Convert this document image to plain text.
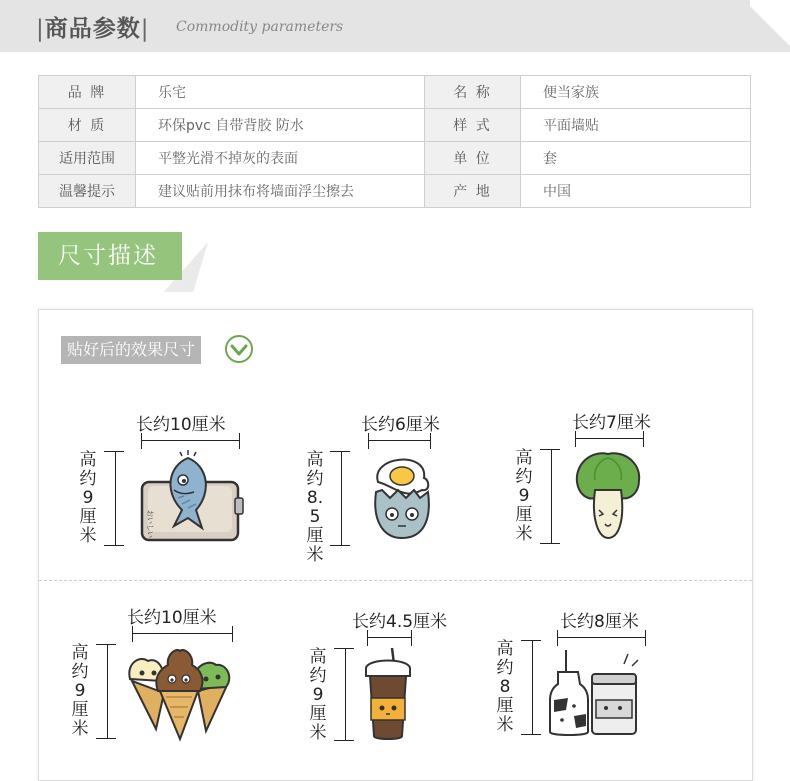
|商品参数| Commodity parameters
品 牌	乐宅	名 称	便当家族
材 质	环保pvc 自带背胶 防水	样 式	平面墙贴
适用范围	平整光滑不掉灰的表面	单 位	套
温馨提示	建议贴前用抹布将墙面浮尘擦去	产 地	中国
尺寸描述
贴好后的效果尺寸
长约10厘米
高约9厘米	おいしい
长约6厘米
高约8.5厘米
长约7厘米
高约9厘米
长约10厘米
高约9厘米
长约4.5厘米
高约9厘米
长约8厘米
高约8厘米
